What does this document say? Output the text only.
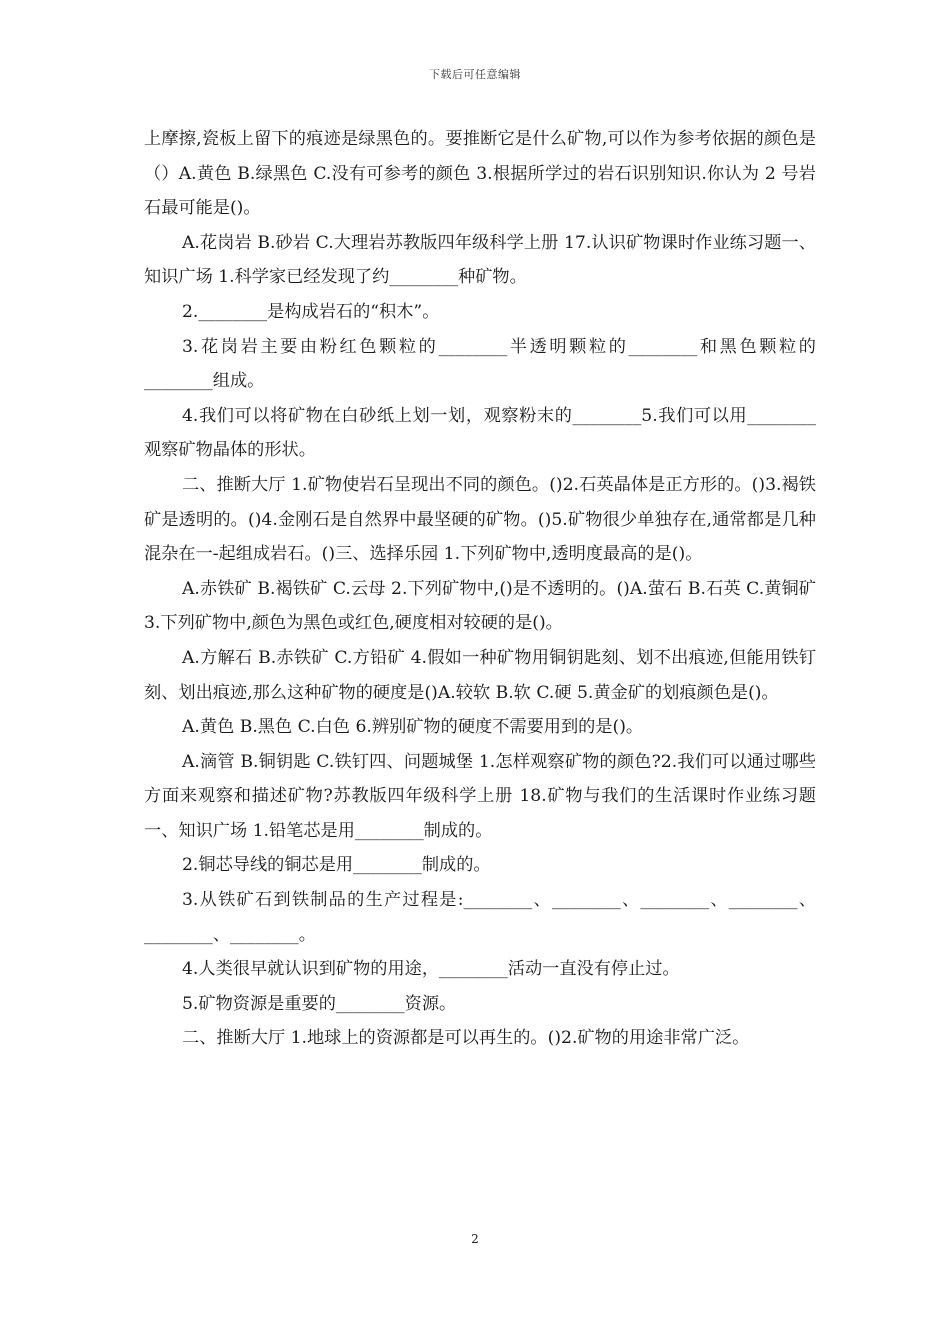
下载后可任意编辑

上摩擦,瓷板上留下的痕迹是绿黑色的。要推断它是什么矿物,可以作为参考依据的颜色是（）A.黄色 B.绿黑色 C.没有可参考的颜色 3.根据所学过的岩石识别知识.你认为 2 号岩石最可能是()。

A.花岗岩 B.砂岩 C.大理岩苏教版四年级科学上册 17.认识矿物课时作业练习题一、知识广场 1.科学家已经发现了约________种矿物。

2.________是构成岩石的“积木”。

3.花岗岩主要由粉红色颗粒的________半透明颗粒的________和黑色颗粒的________组成。

4.我们可以将矿物在白砂纸上划一划，观察粉末的________5.我们可以用________观察矿物晶体的形状。

二、推断大厅 1.矿物使岩石呈现出不同的颜色。()2.石英晶体是正方形的。()3.褐铁矿是透明的。()4.金刚石是自然界中最坚硬的矿物。()5.矿物很少单独存在,通常都是几种混杂在一-起组成岩石。()三、选择乐园 1.下列矿物中,透明度最高的是()。

A.赤铁矿 B.褐铁矿 C.云母 2.下列矿物中,()是不透明的。()A.萤石 B.石英 C.黄铜矿 3.下列矿物中,颜色为黑色或红色,硬度相对较硬的是()。

A.方解石 B.赤铁矿 C.方铅矿 4.假如一种矿物用铜钥匙刻、划不出痕迹,但能用铁钉刻、划出痕迹,那么这种矿物的硬度是()A.较软 B.软 C.硬 5.黄金矿的划痕颜色是()。

A.黄色 B.黑色 C.白色 6.辨别矿物的硬度不需要用到的是()。

A.滴管 B.铜钥匙 C.铁钉四、问题城堡 1.怎样观察矿物的颜色?2.我们可以通过哪些方面来观察和描述矿物?苏教版四年级科学上册 18.矿物与我们的生活课时作业练习题一、知识广场 1.铅笔芯是用________制成的。

2.铜芯导线的铜芯是用________制成的。

3.从铁矿石到铁制品的生产过程是:________、________、________、________、________、________。

4.人类很早就认识到矿物的用途，________活动一直没有停止过。

5.矿物资源是重要的________资源。

二、推断大厅 1.地球上的资源都是可以再生的。()2.矿物的用途非常广泛。

2
